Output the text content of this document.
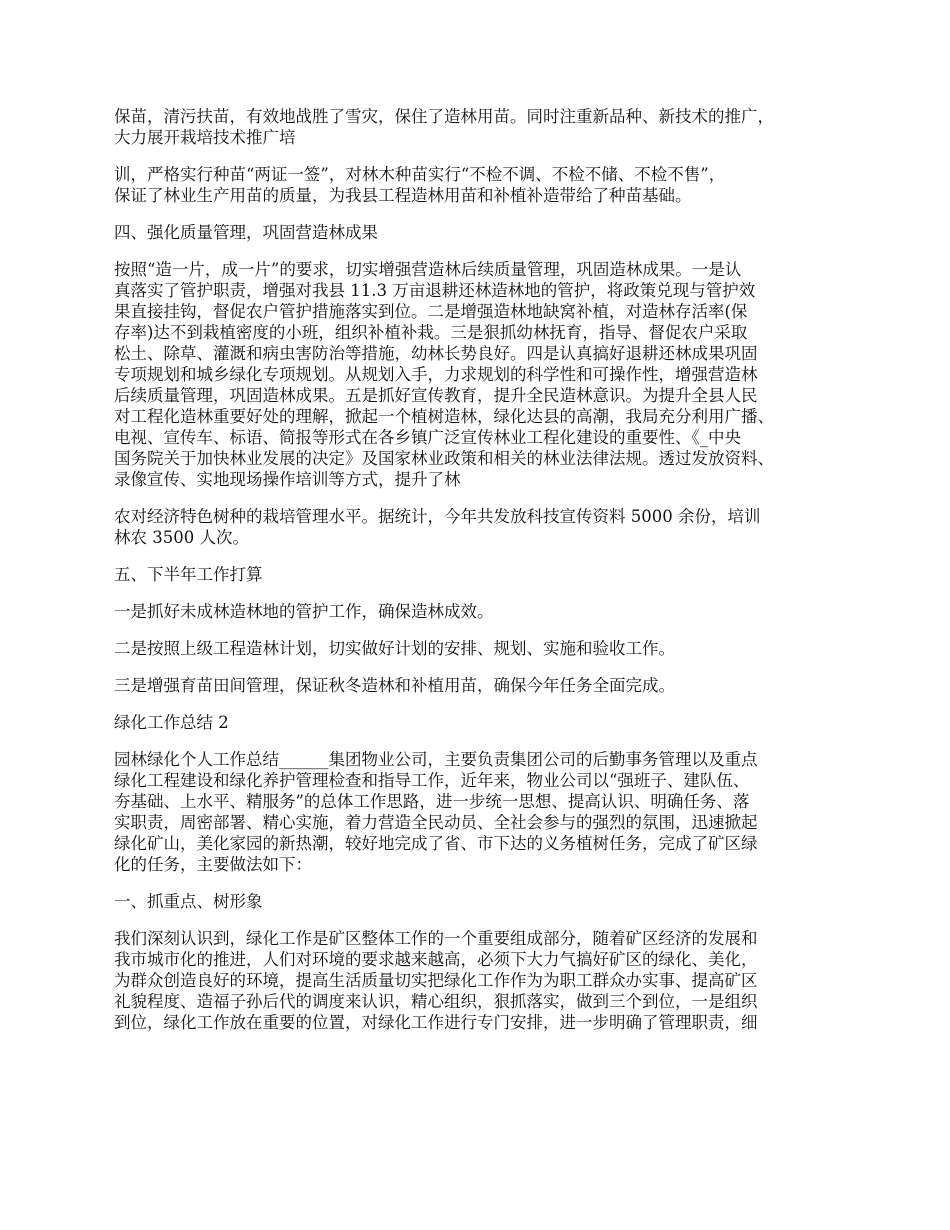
保苗，清污扶苗，有效地战胜了雪灾，保住了造林用苗。同时注重新品种、新技术的推广，
大力展开栽培技术推广培

训，严格实行种苗“两证一签”，对林木种苗实行“不检不调、不检不储、不检不售”，
保证了林业生产用苗的质量，为我县工程造林用苗和补植补造带给了种苗基础。

四、强化质量管理，巩固营造林成果

按照“造一片，成一片”的要求，切实增强营造林后续质量管理，巩固造林成果。一是认
真落实了管护职责，增强对我县 11.3 万亩退耕还林造林地的管护，将政策兑现与管护效
果直接挂钩，督促农户管护措施落实到位。二是增强造林地缺窝补植，对造林存活率(保
存率)达不到栽植密度的小班，组织补植补栽。三是狠抓幼林抚育，指导、督促农户采取
松土、除草、灌溉和病虫害防治等措施，幼林长势良好。四是认真搞好退耕还林成果巩固
专项规划和城乡绿化专项规划。从规划入手，力求规划的科学性和可操作性，增强营造林
后续质量管理，巩固造林成果。五是抓好宣传教育，提升全民造林意识。为提升全县人民
对工程化造林重要好处的理解，掀起一个植树造林，绿化达县的高潮，我局充分利用广播、
电视、宣传车、标语、简报等形式在各乡镇广泛宣传林业工程化建设的重要性、《_中央
国务院关于加快林业发展的决定》及国家林业政策和相关的林业法律法规。透过发放资料、
录像宣传、实地现场操作培训等方式，提升了林

农对经济特色树种的栽培管理水平。据统计，今年共发放科技宣传资料 5000 余份，培训
林农 3500 人次。

五、下半年工作打算

一是抓好未成林造林地的管护工作，确保造林成效。

二是按照上级工程造林计划，切实做好计划的安排、规划、实施和验收工作。

三是增强育苗田间管理，保证秋冬造林和补植用苗，确保今年任务全面完成。

绿化工作总结 2

园林绿化个人工作总结______集团物业公司，主要负责集团公司的后勤事务管理以及重点
绿化工程建设和绿化养护管理检查和指导工作，近年来，物业公司以“强班子、建队伍、
夯基础、上水平、精服务”的总体工作思路，进一步统一思想、提高认识、明确任务、落
实职责，周密部署、精心实施，着力营造全民动员、全社会参与的强烈的氛围，迅速掀起
绿化矿山，美化家园的新热潮，较好地完成了省、市下达的义务植树任务，完成了矿区绿
化的任务，主要做法如下：

一、抓重点、树形象

我们深刻认识到，绿化工作是矿区整体工作的一个重要组成部分，随着矿区经济的发展和
我市城市化的推进，人们对环境的要求越来越高，必须下大力气搞好矿区的绿化、美化，
为群众创造良好的环境，提高生活质量切实把绿化工作作为为职工群众办实事、提高矿区
礼貌程度、造福子孙后代的调度来认识，精心组织，狠抓落实，做到三个到位，一是组织
到位，绿化工作放在重要的位置，对绿化工作进行专门安排，进一步明确了管理职责，细
